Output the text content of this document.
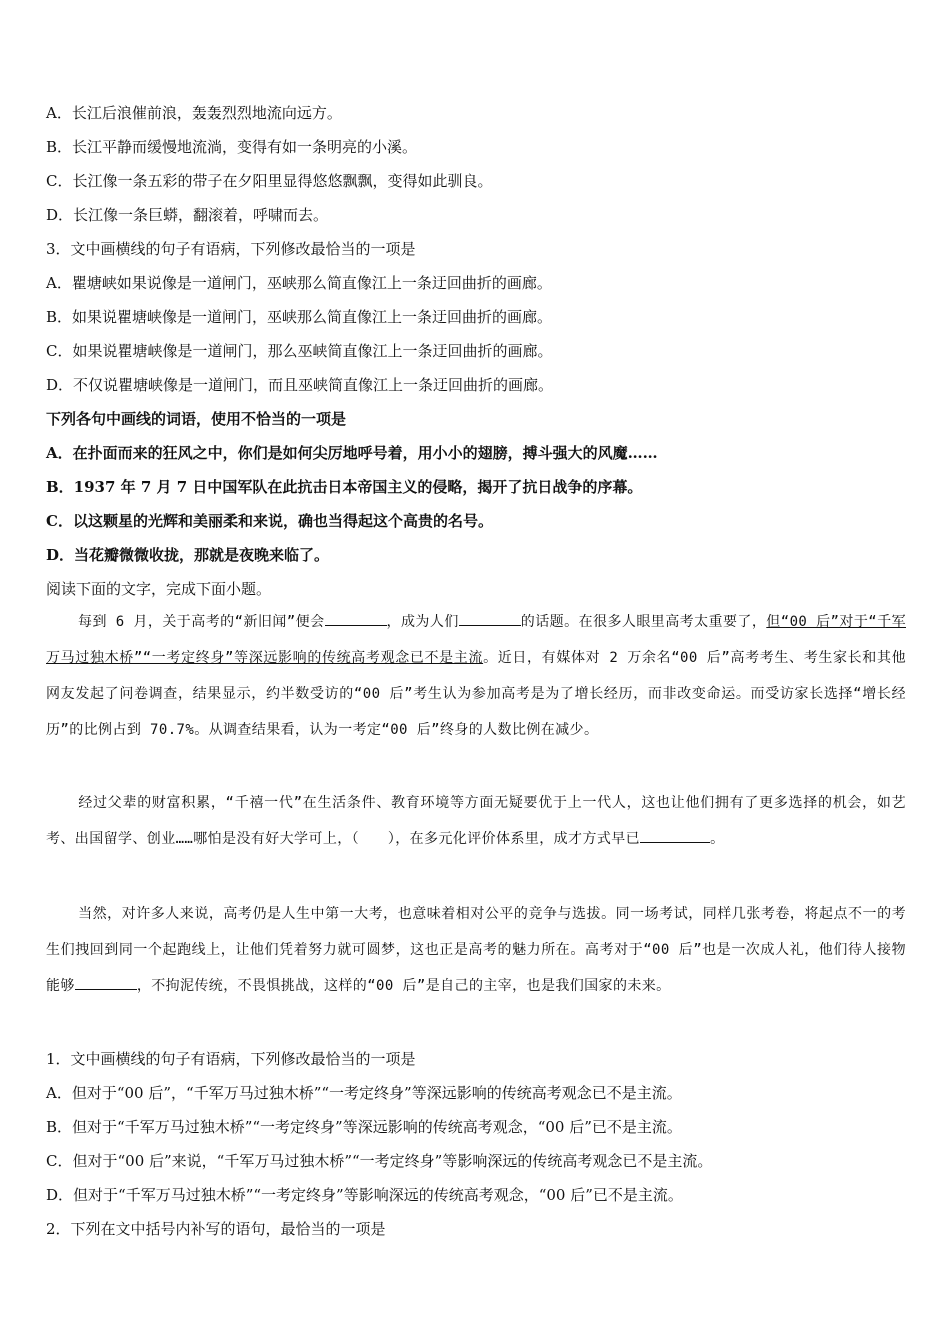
A．长江后浪催前浪，轰轰烈烈地流向远方。
B．长江平静而缓慢地流淌，变得有如一条明亮的小溪。
C．长江像一条五彩的带子在夕阳里显得悠悠飘飘，变得如此驯良。
D．长江像一条巨蟒，翻滚着，呼啸而去。
3．文中画横线的句子有语病，下列修改最恰当的一项是
A．瞿塘峡如果说像是一道闸门，巫峡那么简直像江上一条迂回曲折的画廊。
B．如果说瞿塘峡像是一道闸门，巫峡那么简直像江上一条迂回曲折的画廊。
C．如果说瞿塘峡像是一道闸门，那么巫峡简直像江上一条迂回曲折的画廊。
D．不仅说瞿塘峡像是一道闸门，而且巫峡简直像江上一条迂回曲折的画廊。
下列各句中画线的词语，使用不恰当的一项是
A．在扑面而来的狂风之中，你们是如何尖厉地呼号着，用小小的翅膀，搏斗强大的风魔……
B．1937 年 7 月 7 日中国军队在此抗击日本帝国主义的侵略，揭开了抗日战争的序幕。
C．以这颗星的光辉和美丽柔和来说，确也当得起这个高贵的名号。
D．当花瓣微微收拢，那就是夜晚来临了。
阅读下面的文字，完成下面小题。
每到 6 月，关于高考的“新旧闻”便会	，成为人们	的话题。在很多人眼里高考太重要了，但“00 后”对于“千军万马过独木桥”“一考定终身”等深远影响的传统高考观念已不是主流。近日，有媒体对 2 万余名“00 后”高考考生、考生家长和其他网友发起了问卷调查，结果显示，约半数受访的“00 后”考生认为参加高考是为了增长经历，而非改变命运。而受访家长选择“增长经历”的比例占到 70.7%。从调查结果看，认为一考定“00 后”终身的人数比例在减少。
经过父辈的财富积累，“千禧一代”在生活条件、教育环境等方面无疑要优于上一代人，这也让他们拥有了更多选择的机会，如艺考、出国留学、创业……哪怕是没有好大学可上，（　　），在多元化评价体系里，成才方式早已	。
当然，对许多人来说，高考仍是人生中第一大考，也意味着相对公平的竞争与选拔。同一场考试，同样几张考卷，将起点不一的考生们拽回到同一个起跑线上，让他们凭着努力就可圆梦，这也正是高考的魅力所在。高考对于“00 后”也是一次成人礼，他们待人接物能够	，不拘泥传统，不畏惧挑战，这样的“00 后”是自己的主宰，也是我们国家的未来。
1．文中画横线的句子有语病，下列修改最恰当的一项是
A．但对于“00 后”，“千军万马过独木桥”“一考定终身”等深远影响的传统高考观念已不是主流。
B．但对于“千军万马过独木桥”“一考定终身”等深远影响的传统高考观念，“00 后”已不是主流。
C．但对于“00 后”来说，“千军万马过独木桥”“一考定终身”等影响深远的传统高考观念已不是主流。
D．但对于“千军万马过独木桥”“一考定终身”等影响深远的传统高考观念，“00 后”已不是主流。
2．下列在文中括号内补写的语句，最恰当的一项是
